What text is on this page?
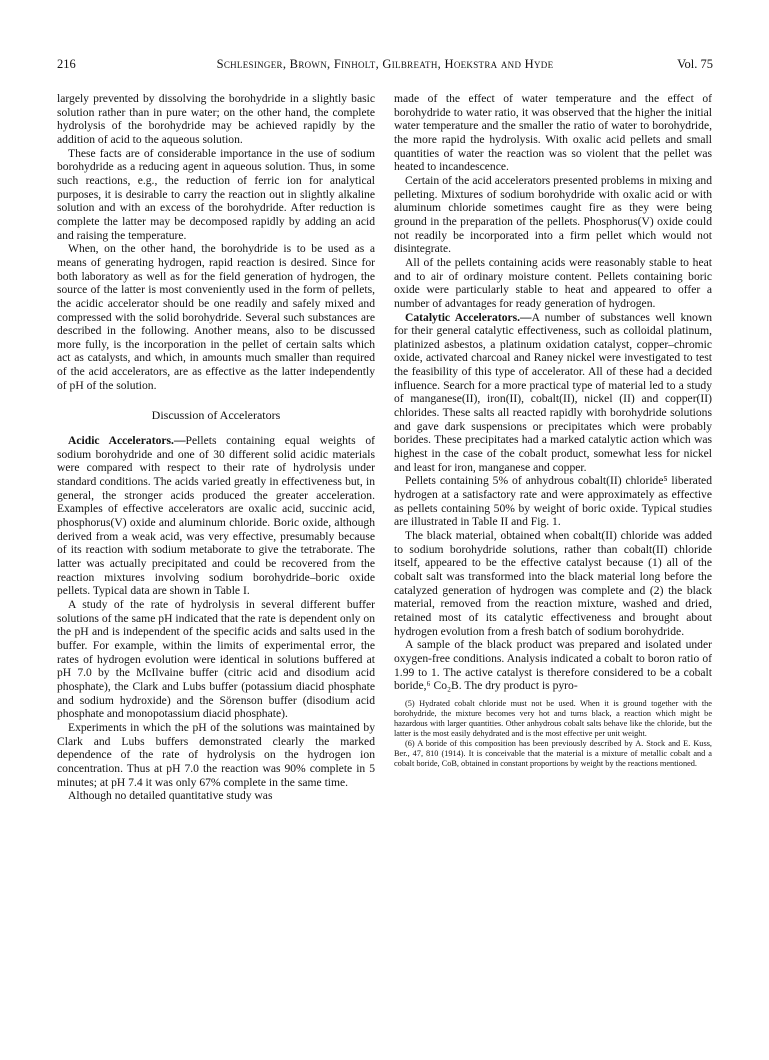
216	Schlesinger, Brown, Finholt, Gilbreath, Hoekstra and Hyde	Vol. 75

largely prevented by dissolving the borohydride in a slightly basic solution rather than in pure water; on the other hand, the complete hydrolysis of the borohydride may be achieved rapidly by the addition of acid to the aqueous solution.

These facts are of considerable importance in the use of sodium borohydride as a reducing agent in aqueous solution. Thus, in some such reactions, e.g., the reduction of ferric ion for analytical purposes, it is desirable to carry the reaction out in slightly alkaline solution and with an excess of the borohydride. After reduction is complete the latter may be decomposed rapidly by adding an acid and raising the temperature.

When, on the other hand, the borohydride is to be used as a means of generating hydrogen, rapid reaction is desired. Since for both laboratory as well as for the field generation of hydrogen, the source of the latter is most conveniently used in the form of pellets, the acidic accelerator should be one readily and safely mixed and compressed with the solid borohydride. Several such substances are described in the following. Another means, also to be discussed more fully, is the incorporation in the pellet of certain salts which act as catalysts, and which, in amounts much smaller than required of the acid accelerators, are as effective as the latter independently of pH of the solution.

Discussion of Accelerators

Acidic Accelerators.—Pellets containing equal weights of sodium borohydride and one of 30 different solid acidic materials were compared with respect to their rate of hydrolysis under standard conditions. The acids varied greatly in effectiveness but, in general, the stronger acids produced the greater acceleration. Examples of effective accelerators are oxalic acid, succinic acid, phosphorus(V) oxide and aluminum chloride. Boric oxide, although derived from a weak acid, was very effective, presumably because of its reaction with sodium metaborate to give the tetraborate. The latter was actually precipitated and could be recovered from the reaction mixtures involving sodium borohydride–boric oxide pellets. Typical data are shown in Table I.

A study of the rate of hydrolysis in several different buffer solutions of the same pH indicated that the rate is dependent only on the pH and is independent of the specific acids and salts used in the buffer. For example, within the limits of experimental error, the rates of hydrogen evolution were identical in solutions buffered at pH 7.0 by the McIlvaine buffer (citric acid and disodium acid phosphate), the Clark and Lubs buffer (potassium diacid phosphate and sodium hydroxide) and the Sörenson buffer (disodium acid phosphate and monopotassium diacid phosphate).

Experiments in which the pH of the solutions was maintained by Clark and Lubs buffers demonstrated clearly the marked dependence of the rate of hydrolysis on the hydrogen ion concentration. Thus at pH 7.0 the reaction was 90% complete in 5 minutes; at pH 7.4 it was only 67% complete in the same time.

Although no detailed quantitative study was

made of the effect of water temperature and the effect of borohydride to water ratio, it was observed that the higher the initial water temperature and the smaller the ratio of water to borohydride, the more rapid the hydrolysis. With oxalic acid pellets and small quantities of water the reaction was so violent that the pellet was heated to incandescence.

Certain of the acid accelerators presented problems in mixing and pelleting. Mixtures of sodium borohydride with oxalic acid or with aluminum chloride sometimes caught fire as they were being ground in the preparation of the pellets. Phosphorus(V) oxide could not readily be incorporated into a firm pellet which would not disintegrate.

All of the pellets containing acids were reasonably stable to heat and to air of ordinary moisture content. Pellets containing boric oxide were particularly stable to heat and appeared to offer a number of advantages for ready generation of hydrogen.

Catalytic Accelerators.—A number of substances well known for their general catalytic effectiveness, such as colloidal platinum, platinized asbestos, a platinum oxidation catalyst, copper–chromic oxide, activated charcoal and Raney nickel were investigated to test the feasibility of this type of accelerator. All of these had a decided influence. Search for a more practical type of material led to a study of manganese(II), iron(II), cobalt(II), nickel (II) and copper(II) chlorides. These salts all reacted rapidly with borohydride solutions and gave dark suspensions or precipitates which were probably borides. These precipitates had a marked catalytic action which was highest in the case of the cobalt product, somewhat less for nickel and least for iron, manganese and copper.

Pellets containing 5% of anhydrous cobalt(II) chloride⁵ liberated hydrogen at a satisfactory rate and were approximately as effective as pellets containing 50% by weight of boric oxide. Typical studies are illustrated in Table II and Fig. 1.

The black material, obtained when cobalt(II) chloride was added to sodium borohydride solutions, rather than cobalt(II) chloride itself, appeared to be the effective catalyst because (1) all of the cobalt salt was transformed into the black material long before the catalyzed generation of hydrogen was complete and (2) the black material, removed from the reaction mixture, washed and dried, retained most of its catalytic effectiveness and brought about hydrogen evolution from a fresh batch of sodium borohydride.

A sample of the black product was prepared and isolated under oxygen-free conditions. Analysis indicated a cobalt to boron ratio of 1.99 to 1. The active catalyst is therefore considered to be a cobalt boride,⁶ Co₂B. The dry product is pyro-

(5) Hydrated cobalt chloride must not be used. When it is ground together with the borohydride, the mixture becomes very hot and turns black, a reaction which might be hazardous with larger quantities. Other anhydrous cobalt salts behave like the chloride, but the latter is the most easily dehydrated and is the most effective per unit weight.

(6) A boride of this composition has been previously described by A. Stock and E. Kuss, Ber., 47, 810 (1914). It is conceivable that the material is a mixture of metallic cobalt and a cobalt boride, CoB, obtained in constant proportions by weight by the reactions mentioned.
